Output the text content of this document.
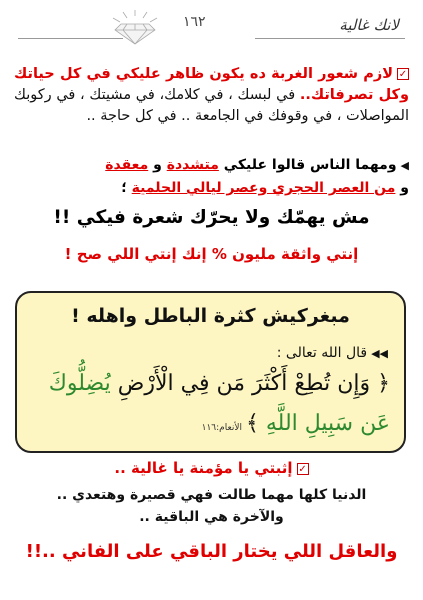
لانك غالية
١٦٢
✓لازم شعور الغربة ده يكون ظاهر عليكي في كل حياتك وكل تصرفاتك.. في لبسك ، في كلامك، في مشيتك ، في ركوبك المواصلات ، في وقوفك في الجامعة .. في كل حاجة ..
◀ومهما الناس قالوا عليكي متشددة و معقدة
و من العصر الحجري وعصر ليالي الحلمية ؛
مش يهمّك ولا يحرّك شعرة فيكي !!
إنتي واثقة مليون % إنك إنتي اللي صح !
مبغركيش كثرة الباطل واهله !
◀◀قال الله تعالى :
﴿ وَإِن تُطِعْ أَكْثَرَ مَن فِي الْأَرْضِ يُضِلُّوكَ
عَن سَبِيلِ اللَّهِ ﴾الأنعام:١١٦
✓إثبتي يا مؤمنة يا غالية ..
الدنيا كلها مهما طالت فهي قصيرة وهتعدي ..
والآخرة هي الباقية ..
والعاقل اللي يختار الباقي على الفاني ..!!
